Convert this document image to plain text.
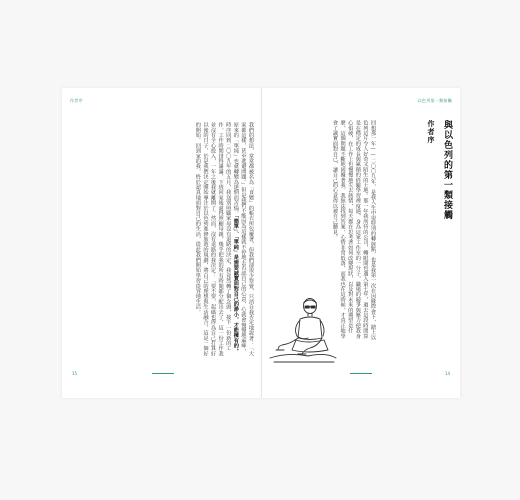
作者序
我們的想法，常常都被名為「食變」的帳衣所包覆著，但我們卻很少察覺，只消自我否定地說著：「大家都這樣，甚至逃避問題。」但是我們不能因為這樣就不停地去否認自己的心意，心就會慢慢地麻痺，原來的「單純」也就轉變為迷惘而苦惱。「簡單」、「單純」是需要誠實面對自己的渺小，才能擁有的。時序回到二〇〇九年的五月，我送別照顧家母沒有退路的決定，我竟然轉了個念頭，接下一份新的工作。工作時間排得滿滿，下班回家後還得照顧母親，幾乎把我的所有時間都分配出去了，這一份工作我並沒有全心投入，一年之後我就離開了。然而，沒有退路的我決定：「要不要，起碼也得為自己打算好以後的日子，於是我們決定開始專注於以色列進修旅遊的規劃，將自己的理想與生活融合，這是一個好的開始。回到家的我，終於認真地面對自己的生活，從此我們開始學習從容地生活。
15
以色列第一類接觸
作者序 與以色列的第一類接觸
回想那一年——二〇〇九年，是我人生中很特別的轉捩點，也是我第一次在因緣際會下，踏上以色列這片令人好奇又陌生的土地。那一年我所待的公司，轉眼間也邁入第七年，過去這段時間算是在穩定的成長與累積的經驗學習裡度過，身為這家工作室的一分子，職場的競爭與壓力使我身心俱疲，在工作上也慢慢地失去熱情，每天都在思考著如何改變現狀，以及對未來的期望是什麼，這個問題不斷地困擾著我。我無法找到答案，心情非常低落，而我也在這時候，才真正地學會了誠實面對自己，讓自己的心意得以被自己聽見。
14
